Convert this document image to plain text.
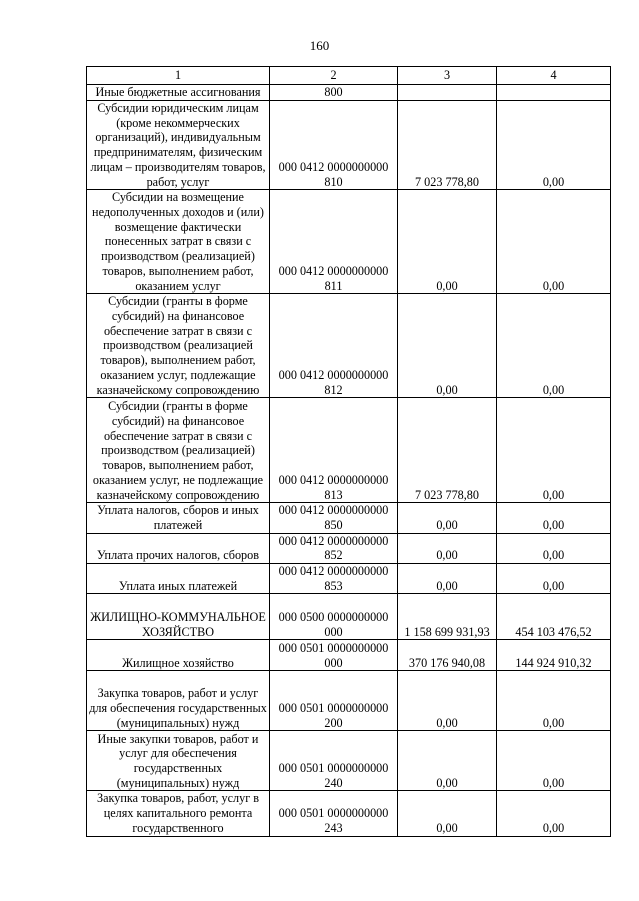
160
1	2	3	4
Иные бюджетные ассигнования	800		
Субсидии юридическим лицам (кроме некоммерческих организаций), индивидуальным предпринимателям, физическим лицам – производителям товаров, работ, услуг	000 0412 0000000000 810	7 023 778,80	0,00
Субсидии на возмещение недополученных доходов и (или) возмещение фактически понесенных затрат в связи с производством (реализацией) товаров, выполнением работ, оказанием услуг	000 0412 0000000000 811	0,00	0,00
Субсидии (гранты в форме субсидий) на финансовое обеспечение затрат в связи с производством (реализацией товаров), выполнением работ, оказанием услуг, подлежащие казначейскому сопровождению	000 0412 0000000000 812	0,00	0,00
Субсидии (гранты в форме субсидий) на финансовое обеспечение затрат в связи с производством (реализацией) товаров, выполнением работ, оказанием услуг, не подлежащие казначейскому сопровождению	000 0412 0000000000 813	7 023 778,80	0,00
Уплата налогов, сборов и иных платежей	000 0412 0000000000 850	0,00	0,00
Уплата прочих налогов, сборов	000 0412 0000000000 852	0,00	0,00
Уплата иных платежей	000 0412 0000000000 853	0,00	0,00
ЖИЛИЩНО-КОММУНАЛЬНОЕ ХОЗЯЙСТВО	000 0500 0000000000 000	1 158 699 931,93	454 103 476,52
Жилищное хозяйство	000 0501 0000000000 000	370 176 940,08	144 924 910,32
Закупка товаров, работ и услуг для обеспечения государственных (муниципальных) нужд	000 0501 0000000000 200	0,00	0,00
Иные закупки товаров, работ и услуг для обеспечения государственных (муниципальных) нужд	000 0501 0000000000 240	0,00	0,00
Закупка товаров, работ, услуг в целях капитального ремонта государственного	000 0501 0000000000 243	0,00	0,00
